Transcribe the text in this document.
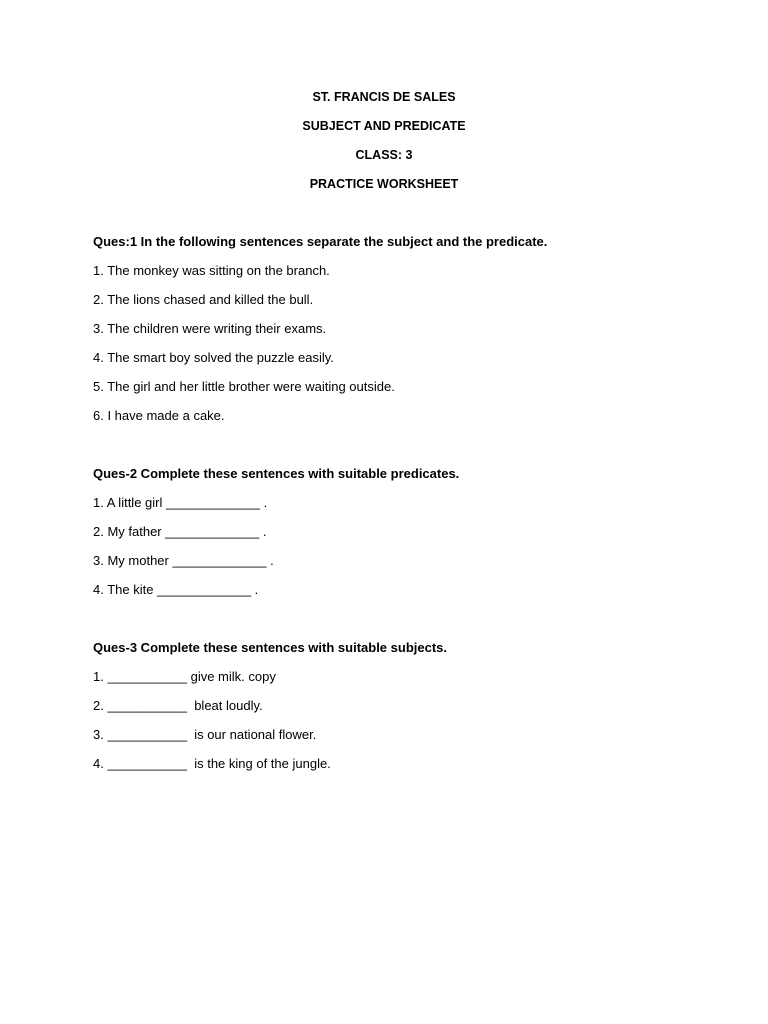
ST. FRANCIS DE SALES
SUBJECT AND PREDICATE
CLASS: 3
PRACTICE WORKSHEET
Ques:1 In the following sentences separate the subject and the predicate.
1. The monkey was sitting on the branch.
2. The lions chased and killed the bull.
3. The children were writing their exams.
4. The smart boy solved the puzzle easily.
5. The girl and her little brother were waiting outside.
6. I have made a cake.
Ques-2 Complete these sentences with suitable predicates.
1. A little girl _____________ .
2. My father _____________ .
3. My mother _____________ .
4. The kite _____________ .
Ques-3 Complete these sentences with suitable subjects.
1. ___________ give milk. copy
2. ___________  bleat loudly.
3. ___________  is our national flower.
4. ___________  is the king of the jungle.
